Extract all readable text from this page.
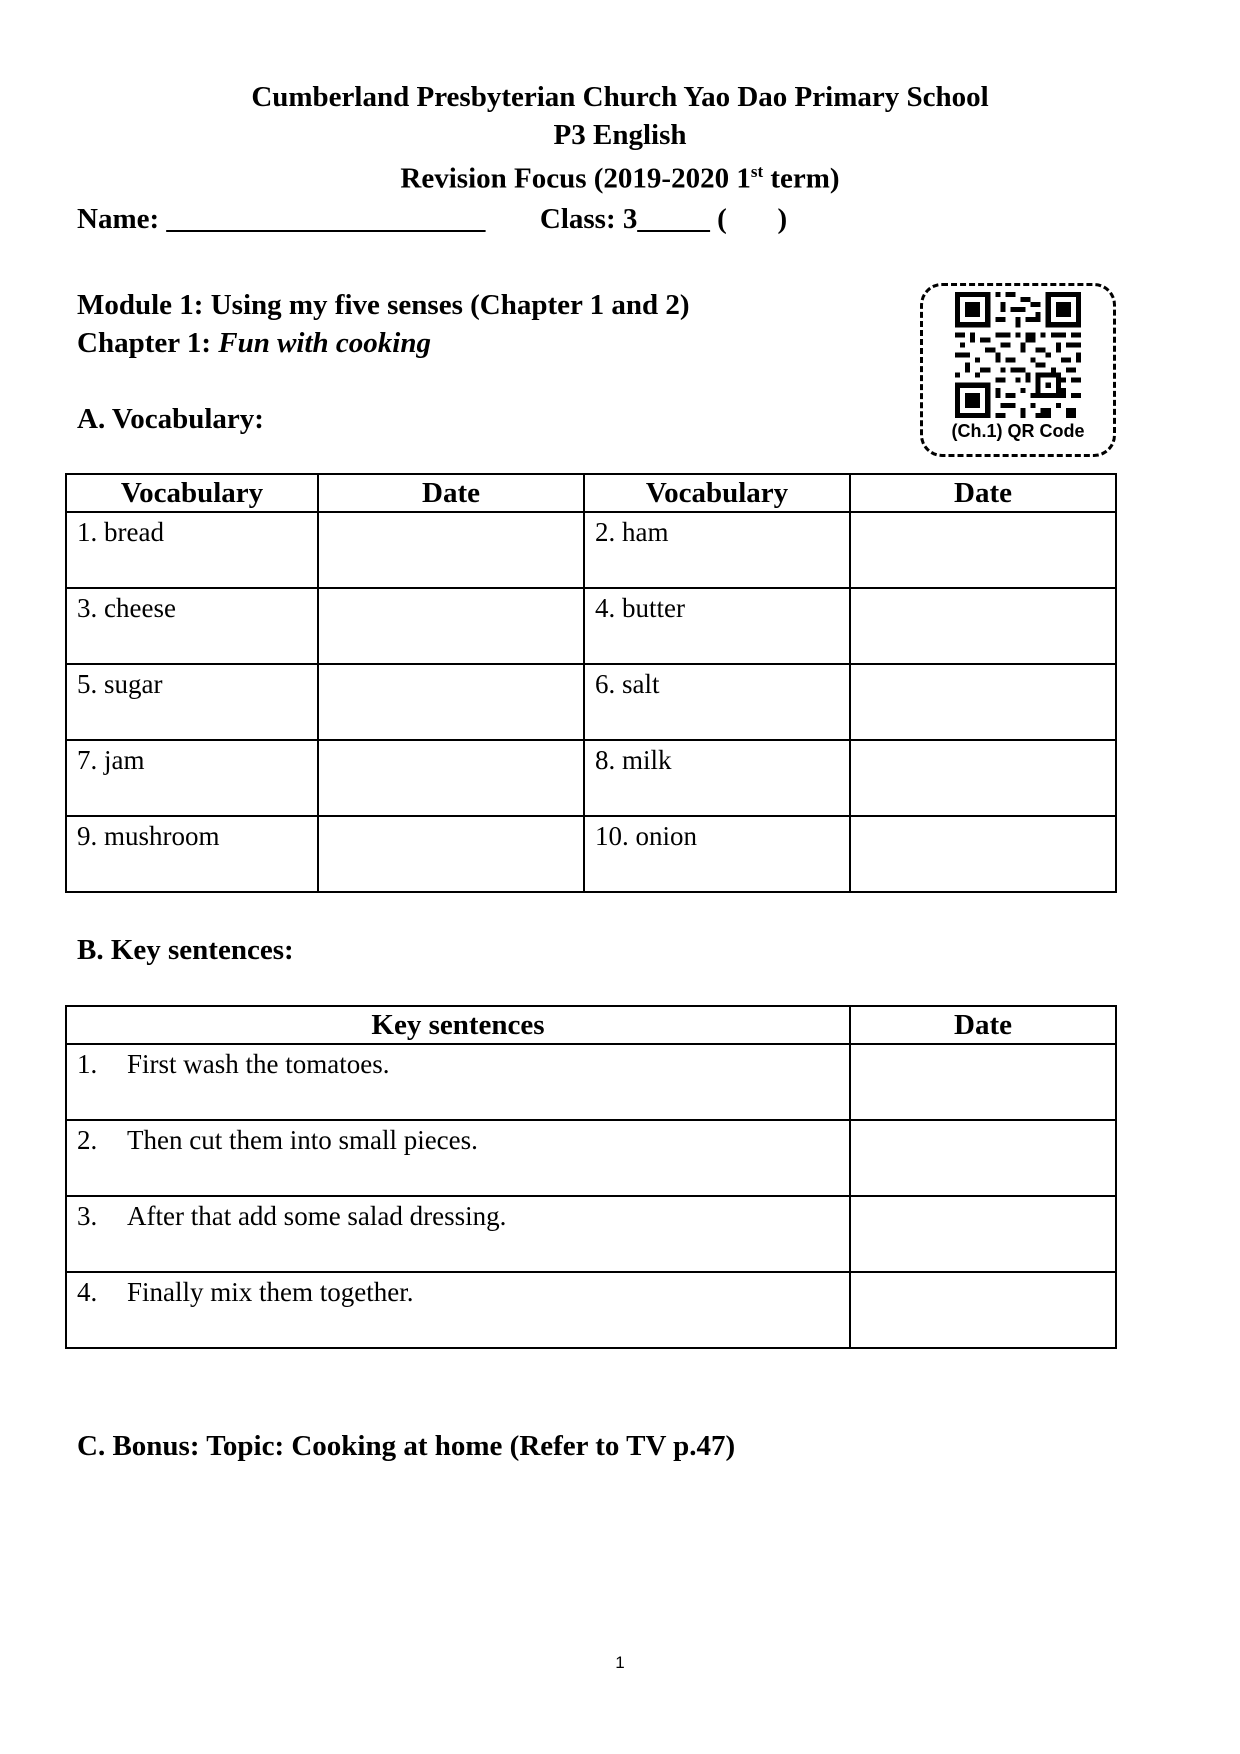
Cumberland Presbyterian Church Yao Dao Primary School
P3 English
Revision Focus (2019-2020 1st term)
Name: ______________________ Class: 3_____ (       )
Module 1: Using my five senses (Chapter 1 and 2)
Chapter 1: Fun with cooking
A. Vocabulary:	(Ch.1) QR Code
Vocabulary	Date	Vocabulary	Date
1. bread		2. ham	
3. cheese		4. butter	
5. sugar		6. salt	
7. jam		8. milk	
9. mushroom		10. onion	
B. Key sentences:
Key sentences	Date
1. First wash the tomatoes.	
2. Then cut them into small pieces.	
3. After that add some salad dressing.	
4. Finally mix them together.	
C. Bonus: Topic: Cooking at home (Refer to TV p.47)
1
